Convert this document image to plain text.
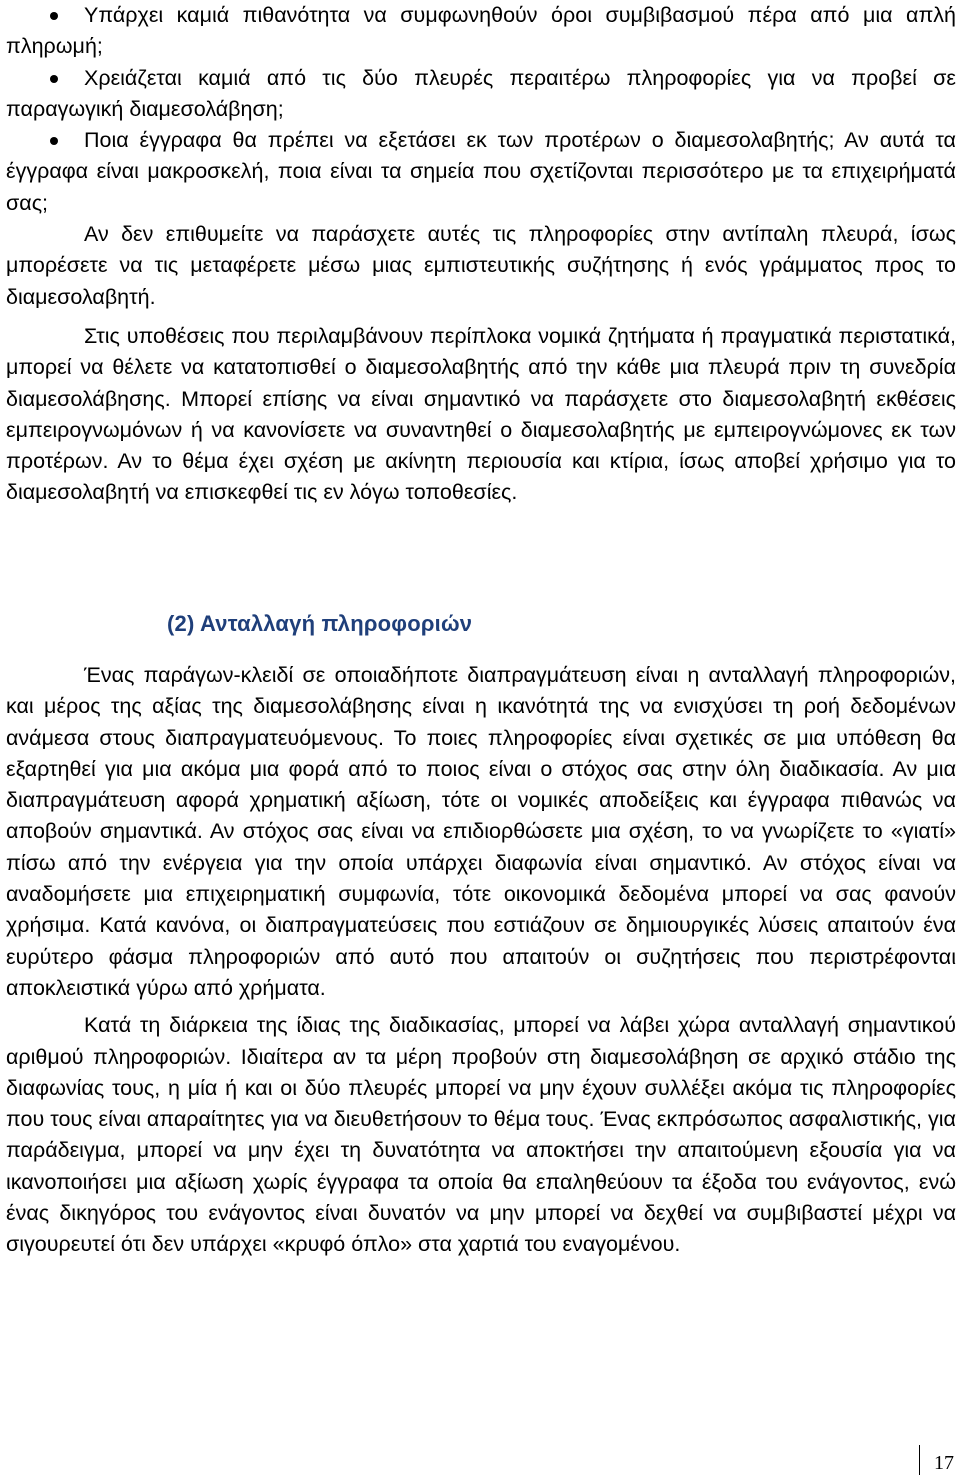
Υπάρχει καμιά πιθανότητα να συμφωνηθούν όροι συμβιβασμού πέρα από μια απλή πληρωμή;

Χρειάζεται καμιά από τις δύο πλευρές περαιτέρω πληροφορίες για να προβεί σε παραγωγική διαμεσολάβηση;

Ποια έγγραφα θα πρέπει να εξετάσει εκ των προτέρων ο διαμεσολαβητής; Αν αυτά τα έγγραφα είναι μακροσκελή, ποια είναι τα σημεία που σχετίζονται περισσότερο με τα επιχειρήματά σας;

Αν δεν επιθυμείτε να παράσχετε αυτές τις πληροφορίες στην αντίπαλη πλευρά, ίσως μπορέσετε να τις μεταφέρετε μέσω μιας εμπιστευτικής συζήτησης ή ενός γράμματος προς το διαμεσολαβητή.

Στις υποθέσεις που περιλαμβάνουν περίπλοκα νομικά ζητήματα ή πραγματικά περιστατικά, μπορεί να θέλετε να κατατοπισθεί ο διαμεσολαβητής από την κάθε μια πλευρά πριν τη συνεδρία διαμεσολάβησης. Μπορεί επίσης να είναι σημαντικό να παράσχετε στο διαμεσολαβητή εκθέσεις εμπειρογνωμόνων ή να κανονίσετε να συναντηθεί ο διαμεσολαβητής με εμπειρογνώμονες εκ των προτέρων. Αν το θέμα έχει σχέση με ακίνητη περιουσία και κτίρια, ίσως αποβεί χρήσιμο για το διαμεσολαβητή να επισκεφθεί τις εν λόγω τοποθεσίες.

(2) Ανταλλαγή πληροφοριών

Ένας παράγων-κλειδί σε οποιαδήποτε διαπραγμάτευση είναι η ανταλλαγή πληροφοριών, και μέρος της αξίας της διαμεσολάβησης είναι η ικανότητά της να ενισχύσει τη ροή δεδομένων ανάμεσα στους διαπραγματευόμενους. Το ποιες πληροφορίες είναι σχετικές σε μια υπόθεση θα εξαρτηθεί για μια ακόμα μια φορά από το ποιος είναι ο στόχος σας στην όλη διαδικασία. Αν μια διαπραγμάτευση αφορά χρηματική αξίωση, τότε οι νομικές αποδείξεις και έγγραφα πιθανώς να αποβούν σημαντικά. Αν στόχος σας είναι να επιδιορθώσετε μια σχέση, το να γνωρίζετε το «γιατί» πίσω από την ενέργεια για την οποία υπάρχει διαφωνία είναι σημαντικό. Αν στόχος είναι να αναδομήσετε μια επιχειρηματική συμφωνία, τότε οικονομικά δεδομένα μπορεί να σας φανούν χρήσιμα. Κατά κανόνα, οι διαπραγματεύσεις που εστιάζουν σε δημιουργικές λύσεις απαιτούν ένα ευρύτερο φάσμα πληροφοριών από αυτό που απαιτούν οι συζητήσεις που περιστρέφονται αποκλειστικά γύρω από χρήματα.

Κατά τη διάρκεια της ίδιας της διαδικασίας, μπορεί να λάβει χώρα ανταλλαγή σημαντικού αριθμού πληροφοριών. Ιδιαίτερα αν τα μέρη προβούν στη διαμεσολάβηση σε αρχικό στάδιο της διαφωνίας τους, η μία ή και οι δύο πλευρές μπορεί να μην έχουν συλλέξει ακόμα τις πληροφορίες που τους είναι απαραίτητες για να διευθετήσουν το θέμα τους. Ένας εκπρόσωπος ασφαλιστικής, για παράδειγμα, μπορεί να μην έχει τη δυνατότητα να αποκτήσει την απαιτούμενη εξουσία για να ικανοποιήσει μια αξίωση χωρίς έγγραφα τα οποία θα επαληθεύουν τα έξοδα του ενάγοντος, ενώ ένας δικηγόρος του ενάγοντος είναι δυνατόν να μην μπορεί να δεχθεί να συμβιβαστεί μέχρι να σιγουρευτεί ότι δεν υπάρχει «κρυφό όπλο» στα χαρτιά του εναγομένου.

17
